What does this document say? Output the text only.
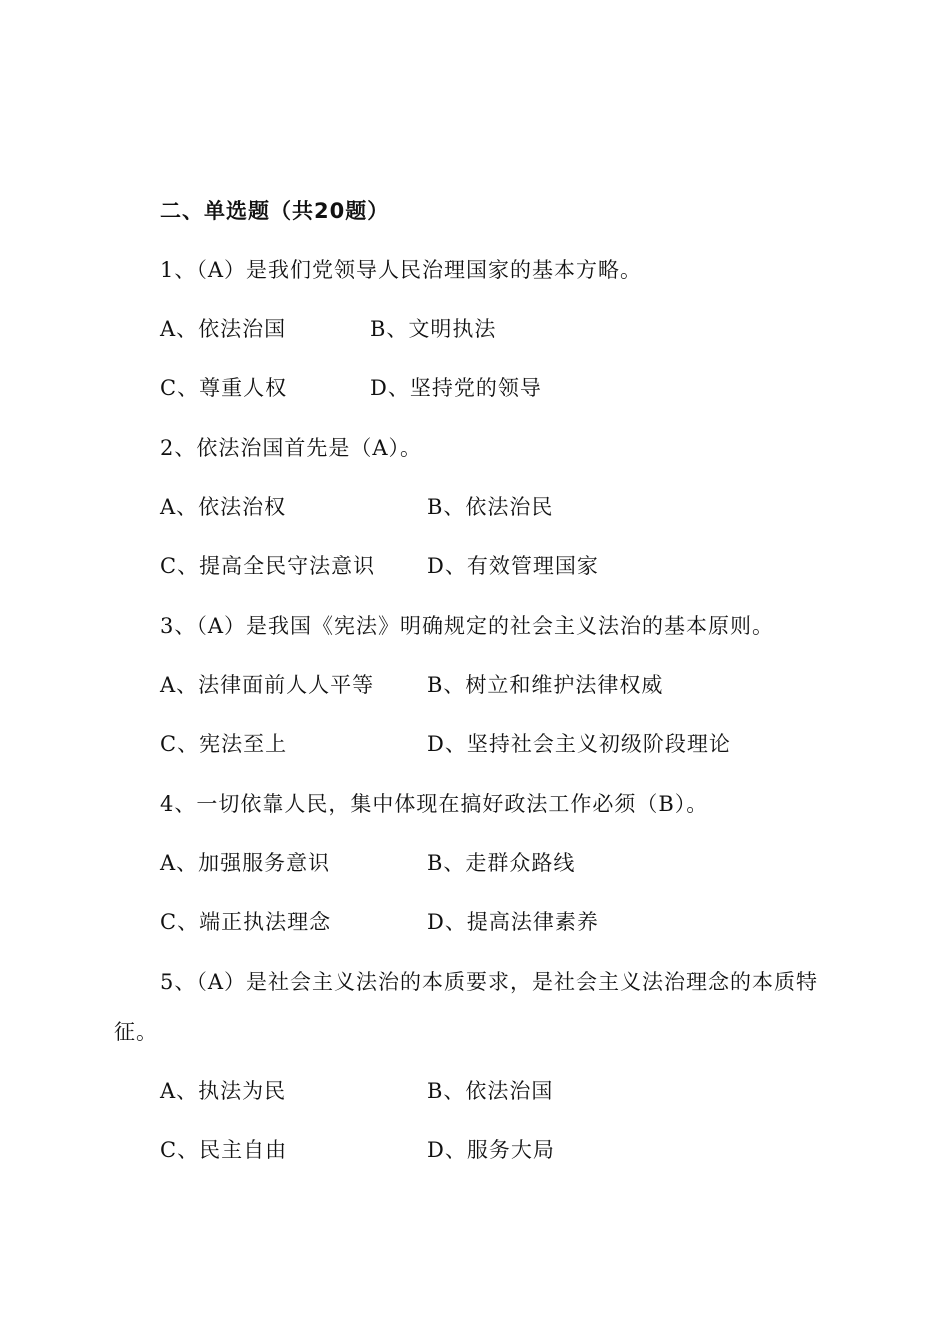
二、单选题（共20题）
1、（A）是我们党领导人民治理国家的基本方略。
A、依法治国	B、文明执法
C、尊重人权	D、坚持党的领导
2、依法治国首先是（A）。
A、依法治权	B、依法治民
C、提高全民守法意识 D、有效管理国家
3、（A）是我国《宪法》明确规定的社会主义法治的基本原则。
A、法律面前人人平等	B、树立和维护法律权威
C、宪法至上	D、坚持社会主义初级阶段理论
4、一切依靠人民，集中体现在搞好政法工作必须（B）。
A、加强服务意识	B、走群众路线
C、端正执法理念	D、提高法律素养
5、（A）是社会主义法治的本质要求，是社会主义法治理念的本质特
征。
A、执法为民	B、依法治国
C、民主自由	D、服务大局
